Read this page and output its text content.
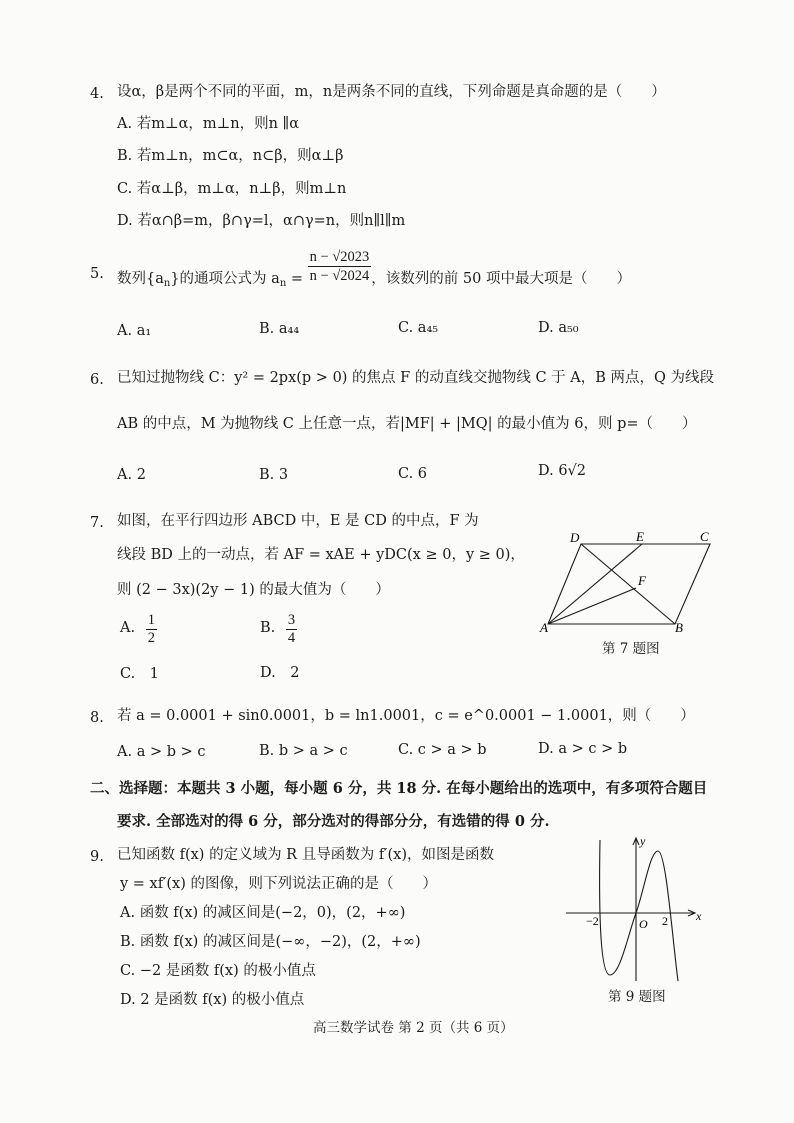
4. 设α，β是两个不同的平面，m，n是两条不同的直线，下列命题是真命题的是（　　）
A. 若m⊥α，m⊥n，则n ∥α
B. 若m⊥n，m⊂α，n⊂β，则α⊥β
C. 若α⊥β，m⊥α，n⊥β，则m⊥n
D. 若α∩β=m，β∩γ=l，α∩γ=n，则n∥l∥m
5. 数列$\{a_n\}$的通项公式为 $a_n = \frac{n - √2023}{n - √2024}$ ，该数列的前 50 项中最大项是（　　）
A. a₁	B. a₄₄	C. a₄₅	D. a₅₀
6. 已知过抛物线 C：y² = 2px(p > 0) 的焦点 F 的动直线交抛物线 C 于 A，B 两点，Q 为线段
AB 的中点，M 为抛物线 C 上任意一点，若|MF| + |MQ| 的最小值为 6，则 p=（　　）
A. 2	B. 3	C. 6	D. 6√2
7. 如图，在平行四边形 ABCD 中，E 是 CD 的中点，F 为
线段 BD 上的一动点，若 AF = xAE + yDC(x ≥ 0，y ≥ 0)，
则 (2 − 3x)(2y − 1) 的最大值为（　　）
A. $\frac{1}{2}$	B. $\frac{3}{4}$
C.　1	D.　2
D	E	C
F
A	B
第 7 题图
8. 若 a = 0.0001 + sin0.0001，b = ln1.0001，c = e^0.0001 − 1.0001，则（　　）
A. a > b > c	B. b > a > c	C. c > a > b	D. a > c > b
二、选择题：本题共 3 小题，每小题 6 分，共 18 分. 在每小题给出的选项中，有多项符合题目
要求. 全部选对的得 6 分，部分选对的得部分分，有选错的得 0 分.
9. 已知函数 f(x) 的定义域为 R 且导函数为 f′(x)，如图是函数
y = xf′(x) 的图像，则下列说法正确的是（　　）
A. 函数 f(x) 的减区间是(−2，0)，(2，+∞)
B. 函数 f(x) 的减区间是(−∞，−2)，(2，+∞)
C. −2 是函数 f(x) 的极小值点
D. 2 是函数 f(x) 的极小值点
y
x
O
−2	2
第 9 题图
高三数学试卷 第 2 页（共 6 页）
